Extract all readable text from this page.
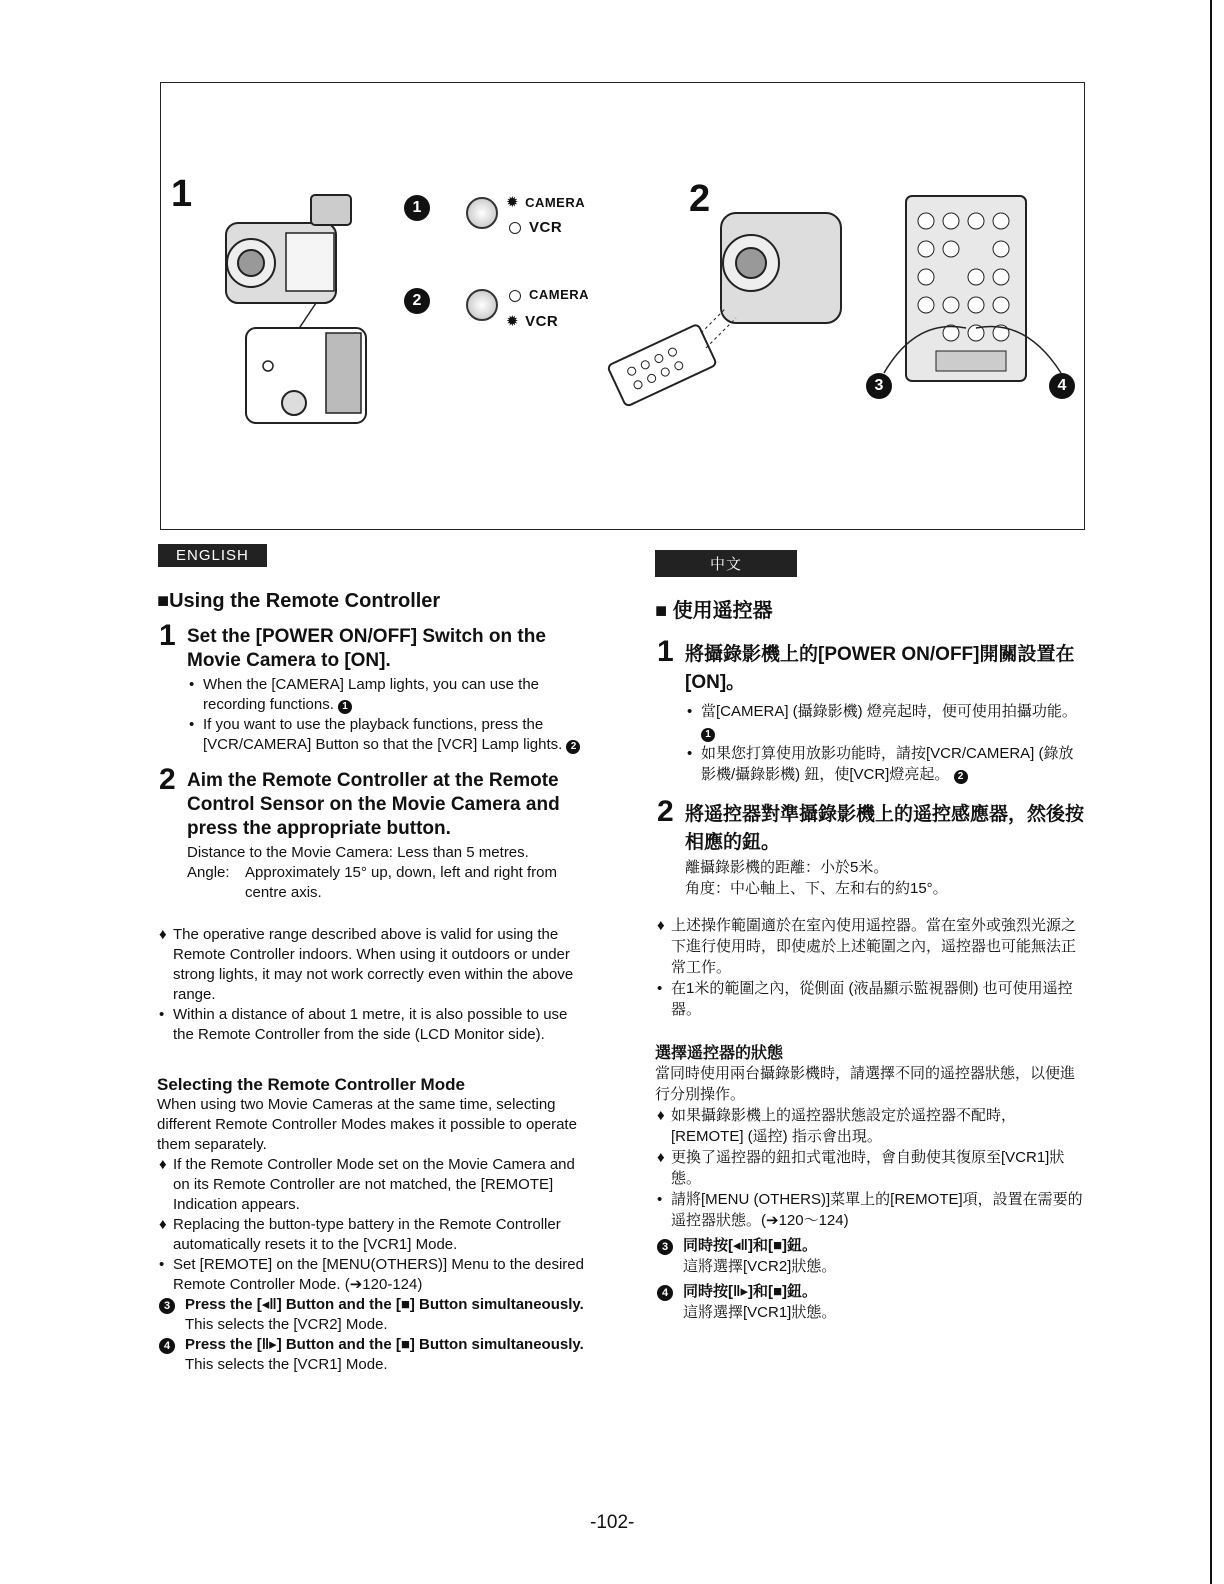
1	2
1	✹ CAMERA
VCR
2	CAMERA
✹ VCR
3	4
ENGLISH
■Using the Remote Controller
1 Set the [POWER ON/OFF] Switch on the Movie Camera to [ON].
• When the [CAMERA] Lamp lights, you can use the recording functions. 1
• If you want to use the playback functions, press the [VCR/CAMERA] Button so that the [VCR] Lamp lights. 2
2 Aim the Remote Controller at the Remote Control Sensor on the Movie Camera and press the appropriate button.
Distance to the Movie Camera: Less than 5 metres.
Angle:	Approximately 15° up, down, left and right from centre axis.
♦ The operative range described above is valid for using the Remote Controller indoors. When using it outdoors or under strong lights, it may not work correctly even within the above range.
• Within a distance of about 1 metre, it is also possible to use the Remote Controller from the side (LCD Monitor side).
Selecting the Remote Controller Mode
When using two Movie Cameras at the same time, selecting different Remote Controller Modes makes it possible to operate them separately.
♦ If the Remote Controller Mode set on the Movie Camera and on its Remote Controller are not matched, the [REMOTE] Indication appears.
♦ Replacing the button-type battery in the Remote Controller automatically resets it to the [VCR1] Mode.
• Set [REMOTE] on the [MENU(OTHERS)] Menu to the desired Remote Controller Mode. (➔120-124)
3 Press the [◂‖] Button and the [■] Button simultaneously.
This selects the [VCR2] Mode.
4 Press the [‖▸] Button and the [■] Button simultaneously.
This selects the [VCR1] Mode.
中文
■ 使用遥控器
1 將攝錄影機上的[POWER ON/OFF]開關設置在[ON]。
• 當[CAMERA] (攝錄影機) 燈亮起時，便可使用拍攝功能。 1
• 如果您打算使用放影功能時，請按[VCR/CAMERA] (錄放影機/攝錄影機) 鈕，使[VCR]燈亮起。 2
2 將遥控器對準攝錄影機上的遥控感應器，然後按相應的鈕。
離攝錄影機的距離：小於5米。
角度：中心軸上、下、左和右的約15°。
♦ 上述操作範圍適於在室內使用遥控器。當在室外或強烈光源之下進行使用時，即使處於上述範圍之內，遥控器也可能無法正常工作。
• 在1米的範圍之內，從側面 (液晶顯示監視器側) 也可使用遥控器。
選擇遥控器的狀態
當同時使用兩台攝錄影機時，請選擇不同的遥控器狀態，以便進行分別操作。
♦ 如果攝錄影機上的遥控器狀態設定於遥控器不配時，[REMOTE] (遥控) 指示會出現。
♦ 更換了遥控器的鈕扣式電池時，會自動使其復原至[VCR1]狀態。
• 請將[MENU (OTHERS)]菜單上的[REMOTE]項，設置在需要的遥控器狀態。(➔120～124)
3 同時按[◂‖]和[■]鈕。
這將選擇[VCR2]狀態。
4 同時按[‖▸]和[■]鈕。
這將選擇[VCR1]狀態。
-102-
